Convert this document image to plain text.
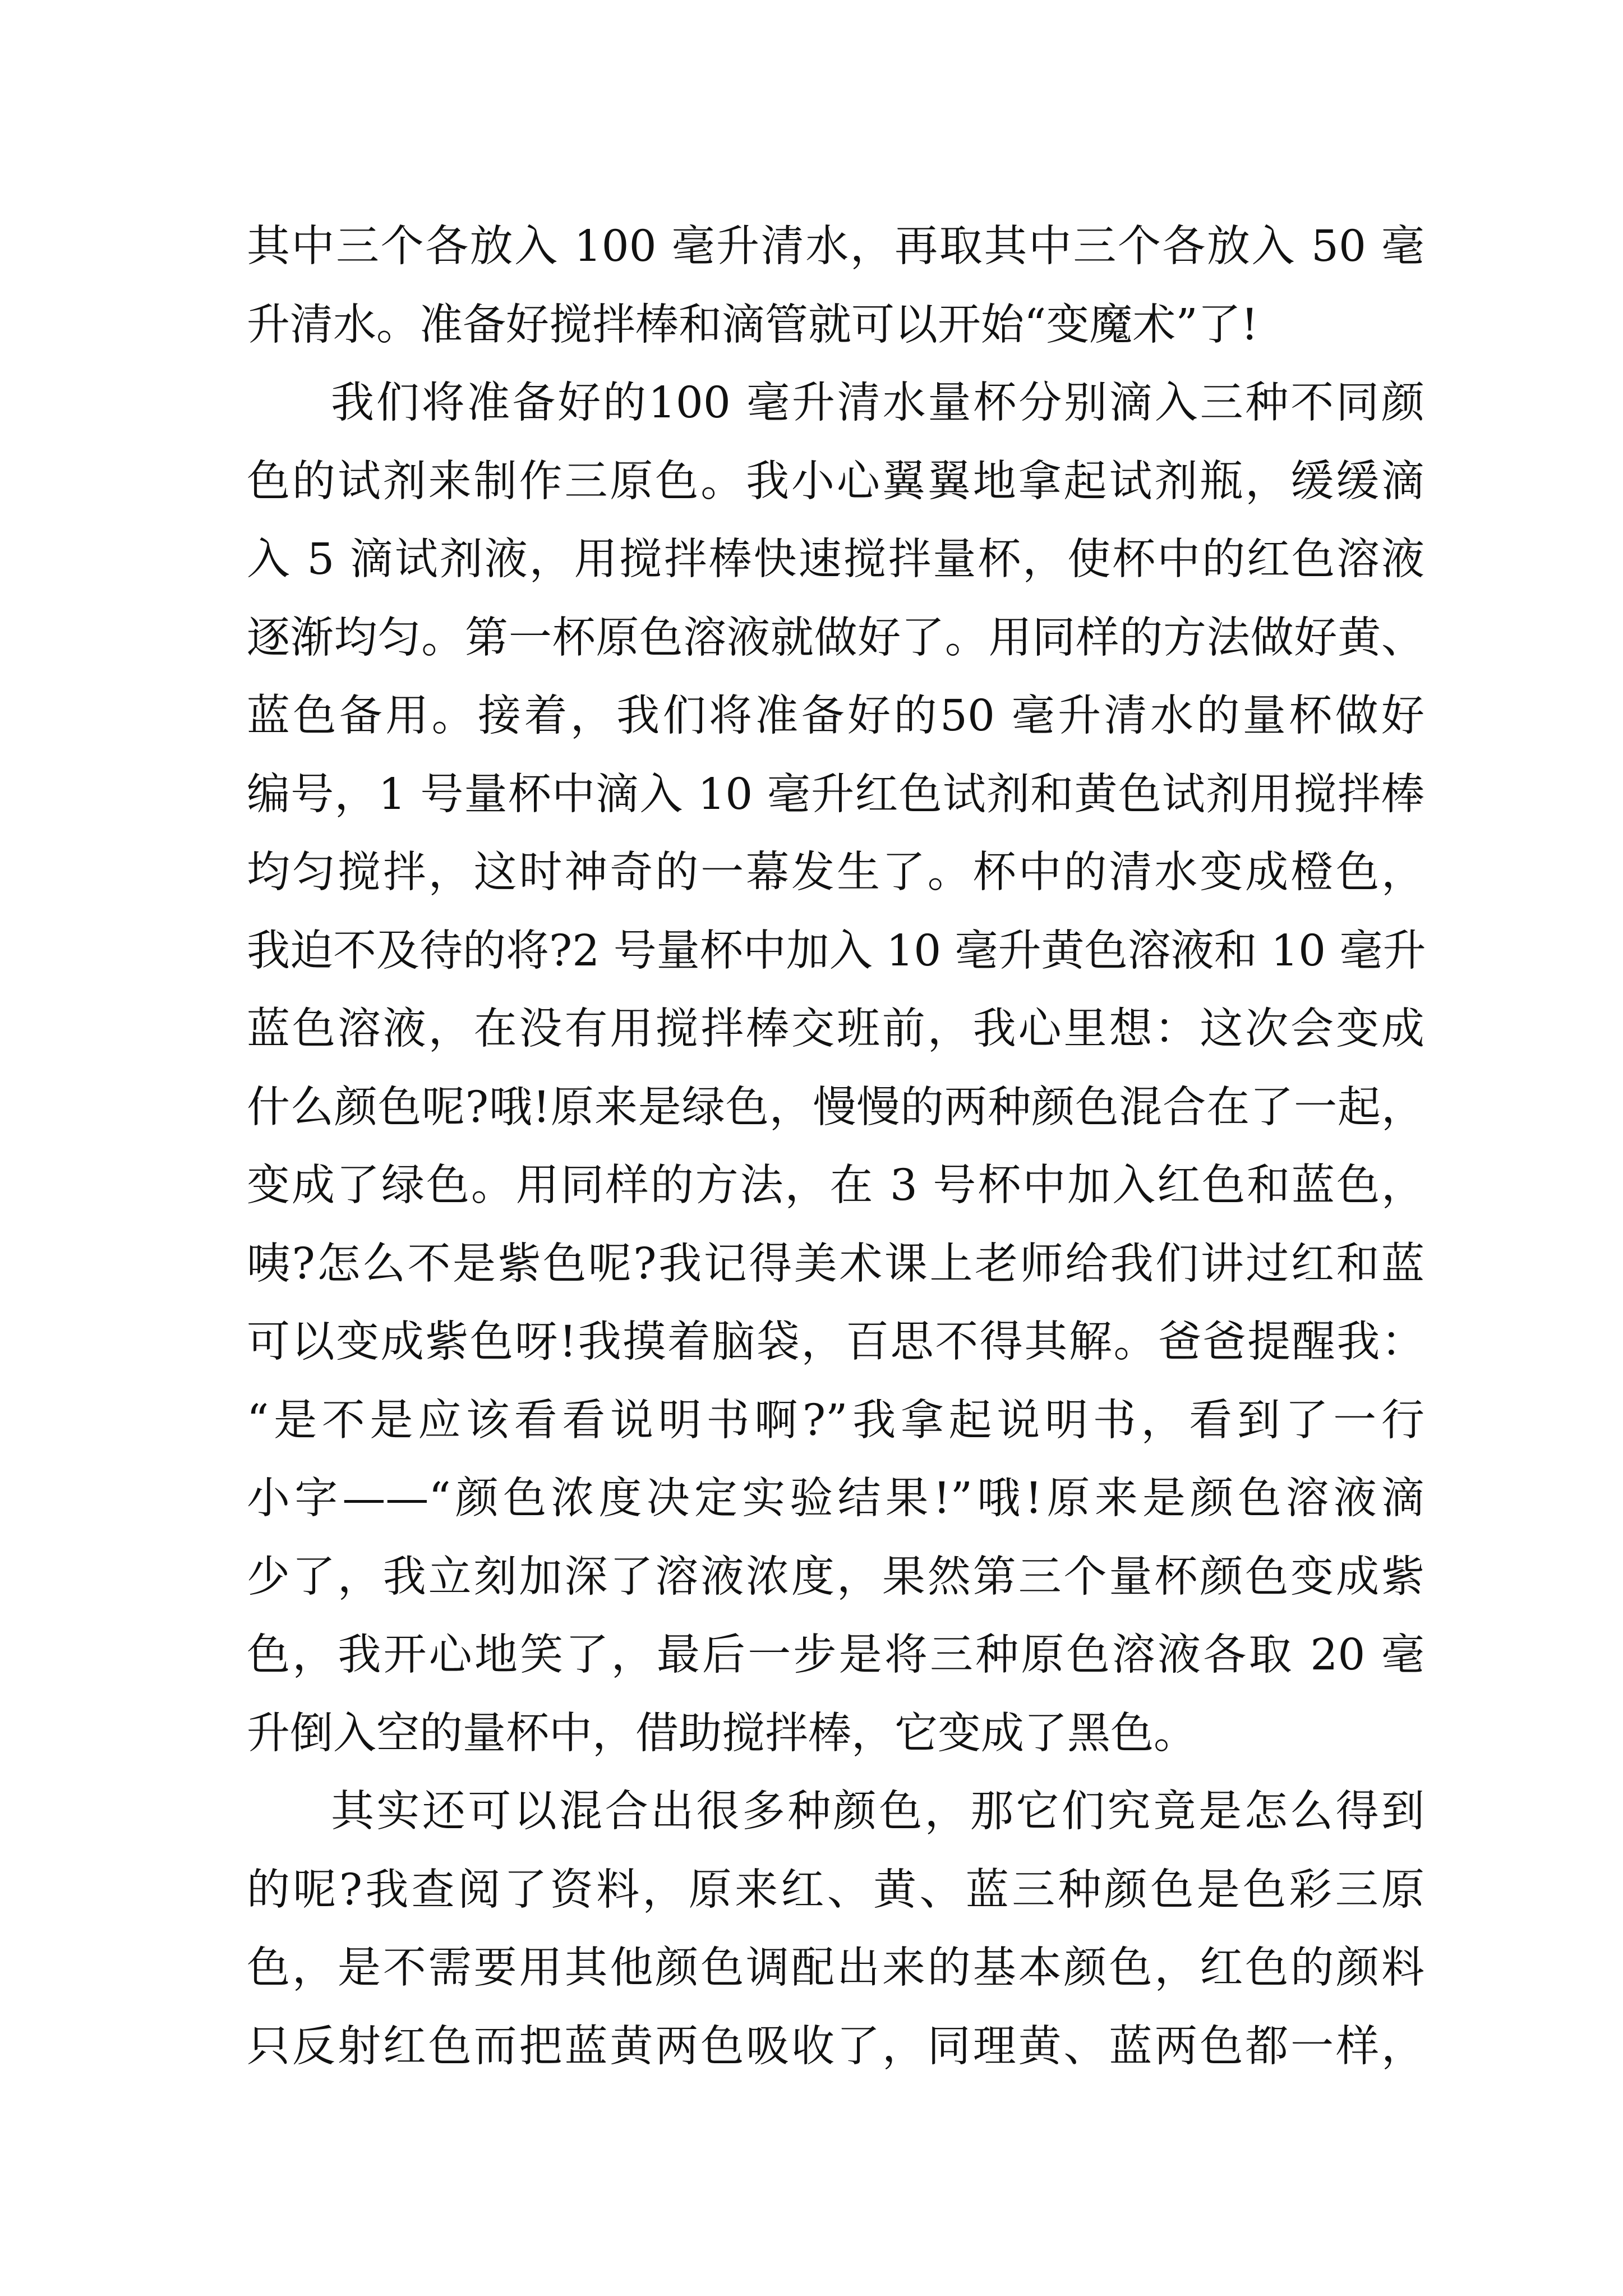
其中三个各放入 100 毫升清水，再取其中三个各放入 50 毫
升清水。准备好搅拌棒和滴管就可以开始“变魔术”了!
我们将准备好的100 毫升清水量杯分别滴入三种不同颜
色的试剂来制作三原色。我小心翼翼地拿起试剂瓶，缓缓滴
入 5 滴试剂液，用搅拌棒快速搅拌量杯，使杯中的红色溶液
逐渐均匀。第一杯原色溶液就做好了。用同样的方法做好黄、
蓝色备用。接着，我们将准备好的50 毫升清水的量杯做好
编号，1 号量杯中滴入 10 毫升红色试剂和黄色试剂用搅拌棒
均匀搅拌，这时神奇的一幕发生了。杯中的清水变成橙色，
我迫不及待的将?2 号量杯中加入 10 毫升黄色溶液和 10 毫升
蓝色溶液，在没有用搅拌棒交班前，我心里想：这次会变成
什么颜色呢?哦!原来是绿色，慢慢的两种颜色混合在了一起，
变成了绿色。用同样的方法，在 3 号杯中加入红色和蓝色，
咦?怎么不是紫色呢?我记得美术课上老师给我们讲过红和蓝
可以变成紫色呀!我摸着脑袋，百思不得其解。爸爸提醒我：
“是不是应该看看说明书啊?”我拿起说明书，看到了一行
小字——“颜色浓度决定实验结果!”哦!原来是颜色溶液滴
少了，我立刻加深了溶液浓度，果然第三个量杯颜色变成紫
色，我开心地笑了，最后一步是将三种原色溶液各取 20 毫
升倒入空的量杯中，借助搅拌棒，它变成了黑色。
其实还可以混合出很多种颜色，那它们究竟是怎么得到
的呢?我查阅了资料，原来红、黄、蓝三种颜色是色彩三原
色，是不需要用其他颜色调配出来的基本颜色，红色的颜料
只反射红色而把蓝黄两色吸收了，同理黄、蓝两色都一样，
